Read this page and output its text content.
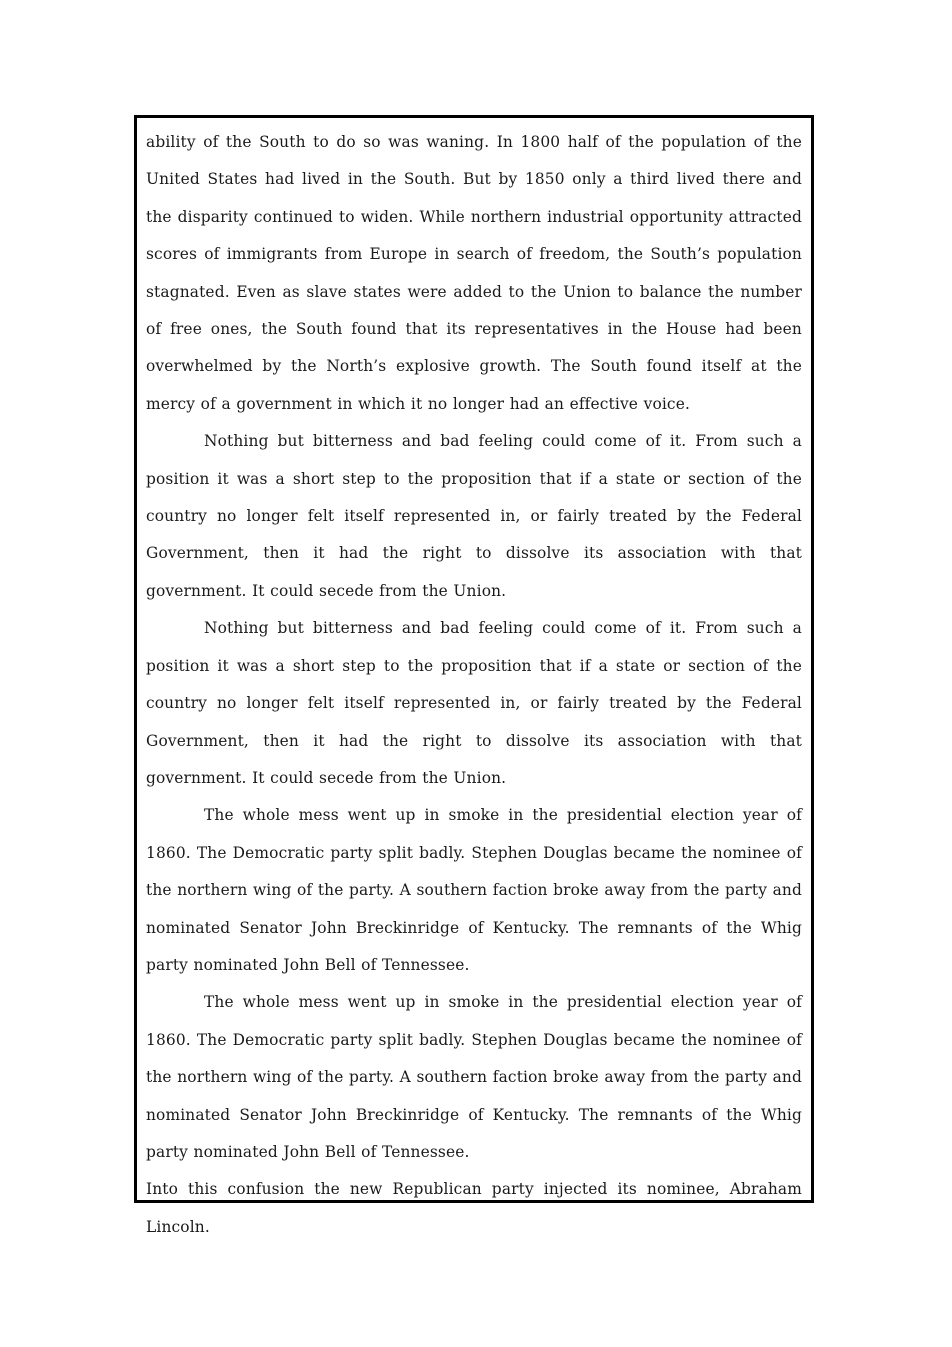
ability of the South to do so was waning. In 1800 half of the population of the United States had lived in the South. But by 1850 only a third lived there and the disparity continued to widen. While northern industrial opportunity attracted scores of immigrants from Europe in search of freedom, the South’s population stagnated. Even as slave states were added to the Union to balance the number of free ones, the South found that its representatives in the House had been overwhelmed by the North’s explosive growth. The South found itself at the mercy of a government in which it no longer had an effective voice.

Nothing but bitterness and bad feeling could come of it. From such a position it was a short step to the proposition that if a state or section of the country no longer felt itself represented in, or fairly treated by the Federal Government, then it had the right to dissolve its association with that government. It could secede from the Union.

Nothing but bitterness and bad feeling could come of it. From such a position it was a short step to the proposition that if a state or section of the country no longer felt itself represented in, or fairly treated by the Federal Government, then it had the right to dissolve its association with that government. It could secede from the Union.

The whole mess went up in smoke in the presidential election year of 1860. The Democratic party split badly. Stephen Douglas became the nominee of the northern wing of the party. A southern faction broke away from the party and nominated Senator John Breckinridge of Kentucky. The remnants of the Whig party nominated John Bell of Tennessee.

The whole mess went up in smoke in the presidential election year of 1860. The Democratic party split badly. Stephen Douglas became the nominee of the northern wing of the party. A southern faction broke away from the party and nominated Senator John Breckinridge of Kentucky. The remnants of the Whig party nominated John Bell of Tennessee.

Into this confusion the new Republican party injected its nominee, Abraham Lincoln.
